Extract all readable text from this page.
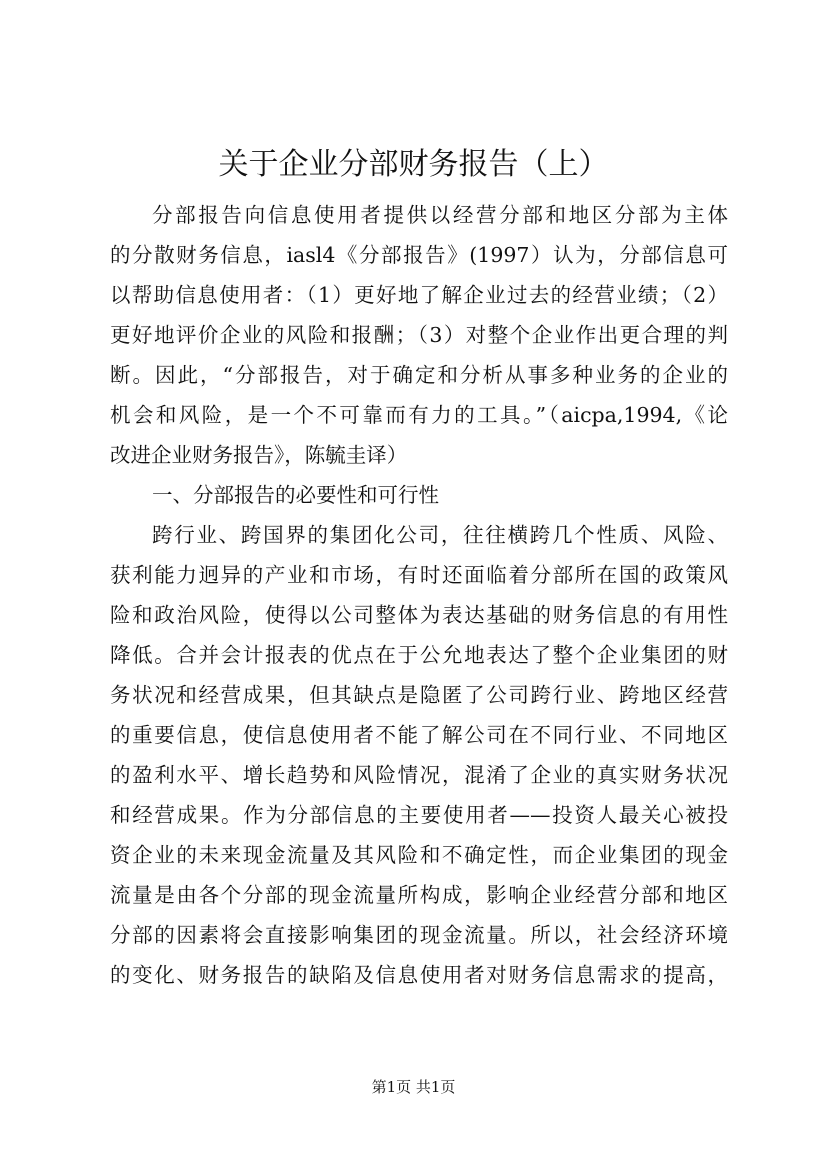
关于企业分部财务报告（上）
分部报告向信息使用者提供以经营分部和地区分部为主体
的分散财务信息，iasl4《分部报告》(1997）认为，分部信息可
以帮助信息使用者：（1）更好地了解企业过去的经营业绩；（2）
更好地评价企业的风险和报酬；（3）对整个企业作出更合理的判
断。因此，“分部报告，对于确定和分析从事多种业务的企业的
机会和风险，是一个不可靠而有力的工具。”（aicpa,1994,《论
改进企业财务报告》，陈毓圭译）
一、分部报告的必要性和可行性
跨行业、跨国界的集团化公司，往往横跨几个性质、风险、
获利能力迥异的产业和市场，有时还面临着分部所在国的政策风
险和政治风险，使得以公司整体为表达基础的财务信息的有用性
降低。合并会计报表的优点在于公允地表达了整个企业集团的财
务状况和经营成果，但其缺点是隐匿了公司跨行业、跨地区经营
的重要信息，使信息使用者不能了解公司在不同行业、不同地区
的盈利水平、增长趋势和风险情况，混淆了企业的真实财务状况
和经营成果。作为分部信息的主要使用者——投资人最关心被投
资企业的未来现金流量及其风险和不确定性，而企业集团的现金
流量是由各个分部的现金流量所构成，影响企业经营分部和地区
分部的因素将会直接影响集团的现金流量。所以，社会经济环境
的变化、财务报告的缺陷及信息使用者对财务信息需求的提高，
第1页 共1页
